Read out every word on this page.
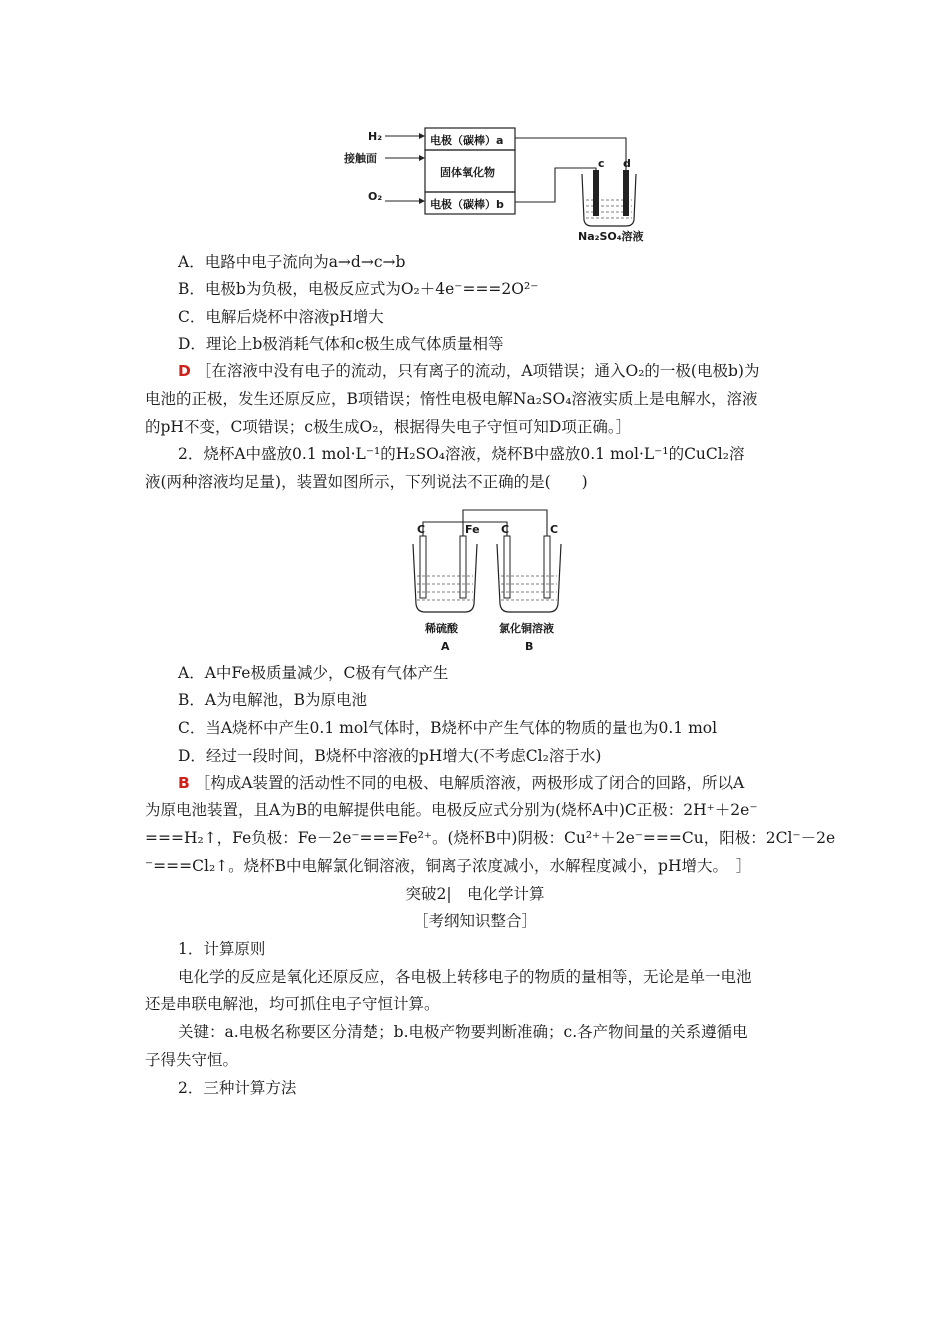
电极（碳棒）a
固体氧化物
电极（碳棒）b
H₂
接触面
O₂
c d
Na₂SO₄溶液
A．电路中电子流向为a→d→c→b
B．电极b为负极，电极反应式为O₂＋4e⁻===2O²⁻
C．电解后烧杯中溶液pH增大
D．理论上b极消耗气体和c极生成气体质量相等
D ［在溶液中没有电子的流动，只有离子的流动，A项错误；通入O₂的一极(电极b)为
电池的正极，发生还原反应，B项错误；惰性电极电解Na₂SO₄溶液实质上是电解水，溶液
的pH不变，C项错误；c极生成O₂，根据得失电子守恒可知D项正确。］
2．烧杯A中盛放0.1 mol·L⁻¹的H₂SO₄溶液，烧杯B中盛放0.1 mol·L⁻¹的CuCl₂溶
液(两种溶液均足量)，装置如图所示，下列说法不正确的是(　　)
C	Fe C	C
稀硫酸
A
氯化铜溶液
B
A．A中Fe极质量减少，C极有气体产生
B．A为电解池，B为原电池
C．当A烧杯中产生0.1 mol气体时，B烧杯中产生气体的物质的量也为0.1 mol
D．经过一段时间，B烧杯中溶液的pH增大(不考虑Cl₂溶于水)
B ［构成A装置的活动性不同的电极、电解质溶液，两极形成了闭合的回路，所以A
为原电池装置，且A为B的电解提供电能。电极反应式分别为(烧杯A中)C正极：2H⁺＋2e⁻
===H₂↑，Fe负极：Fe－2e⁻===Fe²⁺。(烧杯B中)阴极：Cu²⁺＋2e⁻===Cu，阳极：2Cl⁻－2e
⁻===Cl₂↑。烧杯B中电解氯化铜溶液，铜离子浓度减小，水解程度减小，pH增大。　］
突破2|　电化学计算
［考纲知识整合］
1．计算原则
电化学的反应是氧化还原反应，各电极上转移电子的物质的量相等，无论是单一电池
还是串联电解池，均可抓住电子守恒计算。
关键：a.电极名称要区分清楚；b.电极产物要判断准确；c.各产物间量的关系遵循电
子得失守恒。
2．三种计算方法
